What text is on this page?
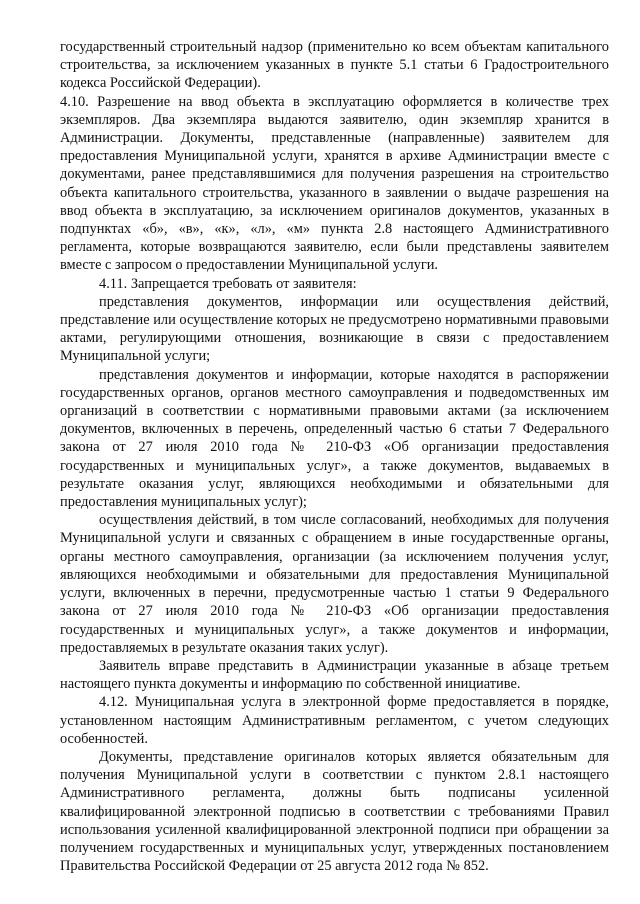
государственный строительный надзор (применительно ко всем объектам капитального строительства, за исключением указанных в пункте 5.1 статьи 6 Градостроительного кодекса Российской Федерации).

4.10. Разрешение на ввод объекта в эксплуатацию оформляется в количестве трех экземпляров. Два экземпляра выдаются заявителю, один экземпляр хранится в Администрации. Документы, представленные (направленные) заявителем для предоставления Муниципальной услуги, хранятся в архиве Администрации вместе с документами, ранее представлявшимися для получения разрешения на строительство объекта капитального строительства, указанного в заявлении о выдаче разрешения на ввод объекта в эксплуатацию, за исключением оригиналов документов, указанных в подпунктах «б», «в», «к», «л», «м» пункта 2.8 настоящего Административного регламента, которые возвращаются заявителю, если были представлены заявителем вместе с запросом о предоставлении Муниципальной услуги.

4.11. Запрещается требовать от заявителя:

представления документов, информации или осуществления действий, представление или осуществление которых не предусмотрено нормативными правовыми актами, регулирующими отношения, возникающие в связи с предоставлением Муниципальной услуги;

представления документов и информации, которые находятся в распоряжении государственных органов, органов местного самоуправления и подведомственных им организаций в соответствии с нормативными правовыми актами (за исключением документов, включенных в перечень, определенный частью 6 статьи 7 Федерального закона от 27 июля 2010 года № 210-ФЗ «Об организации предоставления государственных и муниципальных услуг», а также документов, выдаваемых в результате оказания услуг, являющихся необходимыми и обязательными для предоставления муниципальных услуг);

осуществления действий, в том числе согласований, необходимых для получения Муниципальной услуги и связанных с обращением в иные государственные органы, органы местного самоуправления, организации (за исключением получения услуг, являющихся необходимыми и обязательными для предоставления Муниципальной услуги, включенных в перечни, предусмотренные частью 1 статьи 9 Федерального закона от 27 июля 2010 года № 210-ФЗ «Об организации предоставления государственных и муниципальных услуг», а также документов и информации, предоставляемых в результате оказания таких услуг).

Заявитель вправе представить в Администрации указанные в абзаце третьем настоящего пункта документы и информацию по собственной инициативе.

4.12. Муниципальная услуга в электронной форме предоставляется в порядке, установленном настоящим Административным регламентом, с учетом следующих особенностей.

Документы, представление оригиналов которых является обязательным для получения Муниципальной услуги в соответствии с пунктом 2.8.1 настоящего Административного регламента, должны быть подписаны усиленной квалифицированной электронной подписью в соответствии с требованиями Правил использования усиленной квалифицированной электронной подписи при обращении за получением государственных и муниципальных услуг, утвержденных постановлением Правительства Российской Федерации от 25 августа 2012 года № 852.
